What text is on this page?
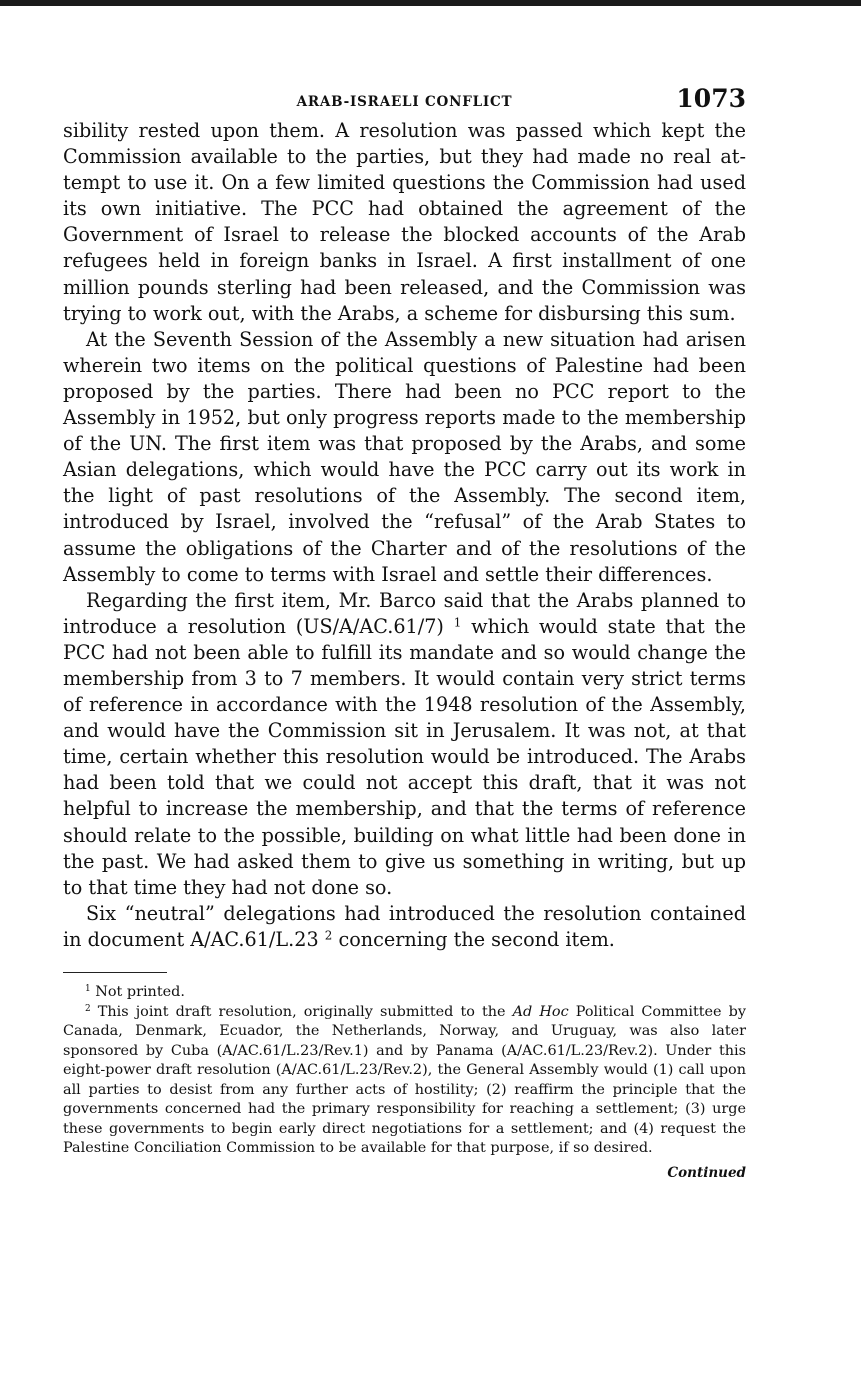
ARAB-ISRAELI CONFLICT	1073

sibility rested upon them. A resolution was passed which kept the Commission available to the parties, but they had made no real attempt to use it. On a few limited questions the Commission had used its own initiative. The PCC had obtained the agreement of the Government of Israel to release the blocked accounts of the Arab refugees held in foreign banks in Israel. A first installment of one million pounds sterling had been released, and the Commission was trying to work out, with the Arabs, a scheme for disbursing this sum.

At the Seventh Session of the Assembly a new situation had arisen wherein two items on the political questions of Palestine had been proposed by the parties. There had been no PCC report to the Assembly in 1952, but only progress reports made to the membership of the UN. The first item was that proposed by the Arabs, and some Asian delegations, which would have the PCC carry out its work in the light of past resolutions of the Assembly. The second item, introduced by Israel, involved the “refusal” of the Arab States to assume the obligations of the Charter and of the resolutions of the Assembly to come to terms with Israel and settle their differences.

Regarding the first item, Mr. Barco said that the Arabs planned to introduce a resolution (US/A/AC.61/7) $^1$ which would state that the PCC had not been able to fulfill its mandate and so would change the membership from 3 to 7 members. It would contain very strict terms of reference in accordance with the 1948 resolution of the Assembly, and would have the Commission sit in Jerusalem. It was not, at that time, certain whether this resolution would be introduced. The Arabs had been told that we could not accept this draft, that it was not helpful to increase the membership, and that the terms of reference should relate to the possible, building on what little had been done in the past. We had asked them to give us something in writing, but up to that time they had not done so.

Six “neutral” delegations had introduced the resolution contained in document A/AC.61/L.23 $^2$ concerning the second item.

$^1$ Not printed.

$^2$ This joint draft resolution, originally submitted to the Ad Hoc Political Committee by Canada, Denmark, Ecuador, the Netherlands, Norway, and Uruguay, was also later sponsored by Cuba (A/AC.61/L.23/Rev.1) and by Panama (A/AC.61/L.23/​Rev.2). Under this eight-power draft resolution (A/AC.61/L.23/Rev.2), the General Assembly would (1) call upon all parties to desist from any further acts of hostility; (2) reaffirm the principle that the governments concerned had the primary responsibility for reaching a settlement; (3) urge these governments to begin early direct negotiations for a settlement; and (4) request the Palestine Conciliation Commission to be available for that purpose, if so desired.

Continued
